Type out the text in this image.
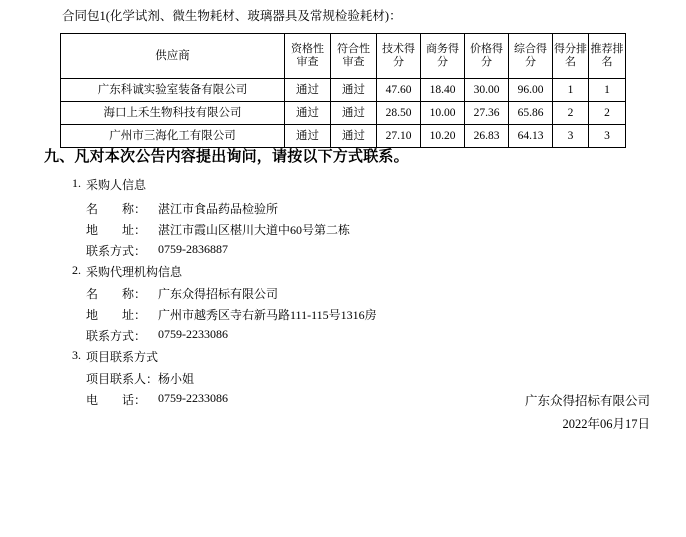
合同包1(化学试剂、微生物耗材、玻璃器具及常规检验耗材)：
供应商	资格性审查	符合性审查	技术得分	商务得分	价格得分	综合得分	得分排名	推荐排名
广东科诚实验室装备有限公司	通过	通过	47.60	18.40	30.00	96.00	1	1
海口上禾生物科技有限公司	通过	通过	28.50	10.00	27.36	65.86	2	2
广州市三海化工有限公司	通过	通过	27.10	10.20	26.83	64.13	3	3
九、凡对本次公告内容提出询问，请按以下方式联系。
1. 采购人信息
名　　称： 湛江市食品药品检验所
地　　址： 湛江市霞山区椹川大道中60号第二栋
联系方式： 0759-2836887
2. 采购代理机构信息
名　　称： 广东众得招标有限公司
地　　址： 广州市越秀区寺右新马路111-115号1316房
联系方式： 0759-2233086
3. 项目联系方式
项目联系人： 杨小姐
电　　话： 0759-2233086	广东众得招标有限公司
2022年06月17日
